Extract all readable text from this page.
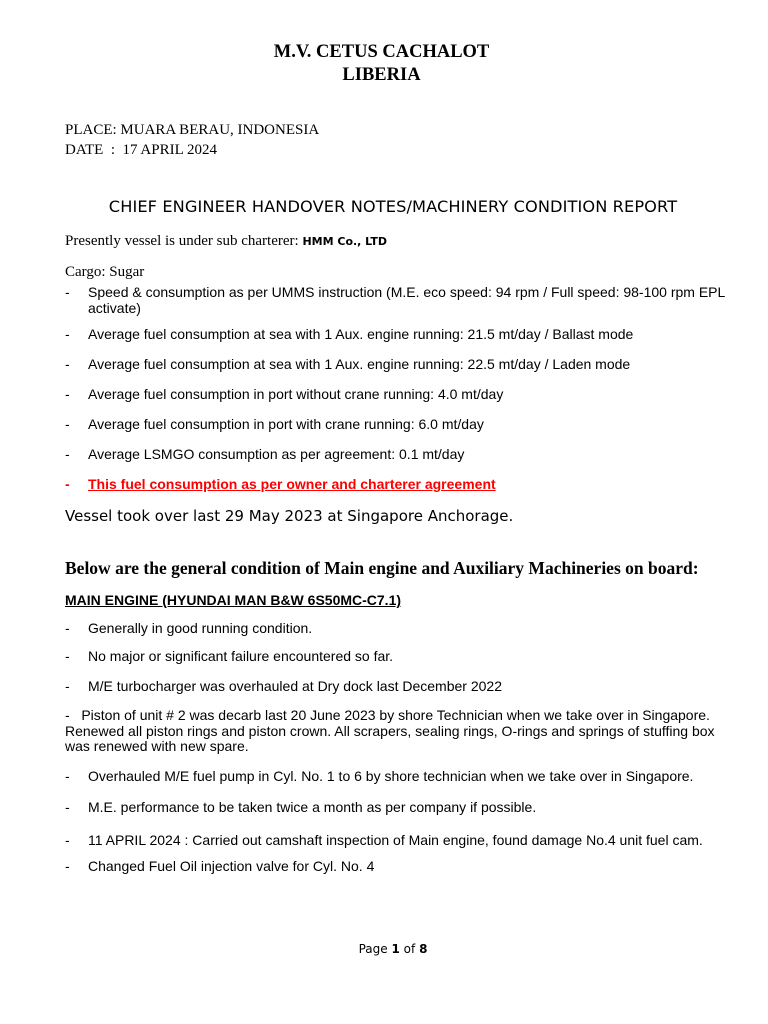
M.V. CETUS CACHALOT
LIBERIA
PLACE: MUARA BERAU, INDONESIA
DATE  :  17 APRIL 2024
CHIEF ENGINEER HANDOVER NOTES/MACHINERY CONDITION REPORT
Presently vessel is under sub charterer: HMM Co., LTD
Cargo: Sugar
- Speed & consumption as per UMMS instruction (M.E. eco speed: 94 rpm / Full speed: 98-100 rpm EPL activate)
- Average fuel consumption at sea with 1 Aux. engine running: 21.5 mt/day / Ballast mode
- Average fuel consumption at sea with 1 Aux. engine running: 22.5 mt/day / Laden mode
- Average fuel consumption in port without crane running: 4.0 mt/day
- Average fuel consumption in port with crane running: 6.0 mt/day
- Average LSMGO consumption as per agreement: 0.1 mt/day
- This fuel consumption as per owner and charterer agreement
Vessel took over last 29 May 2023 at Singapore Anchorage.
Below are the general condition of Main engine and Auxiliary Machineries on board:
MAIN ENGINE (HYUNDAI MAN B&W 6S50MC-C7.1)
- Generally in good running condition.
- No major or significant failure encountered so far.
- M/E turbocharger was overhauled at Dry dock last December 2022
- Piston of unit # 2 was decarb last 20 June 2023 by shore Technician when we take over in Singapore. Renewed all piston rings and piston crown. All scrapers, sealing rings, O-rings and springs of stuffing box was renewed with new spare.
- Overhauled M/E fuel pump in Cyl. No. 1 to 6 by shore technician when we take over in Singapore.
- M.E. performance to be taken twice a month as per company if possible.
- 11 APRIL 2024 : Carried out camshaft inspection of Main engine, found damage No.4 unit fuel cam.
- Changed Fuel Oil injection valve for Cyl. No. 4
Page 1 of 8
